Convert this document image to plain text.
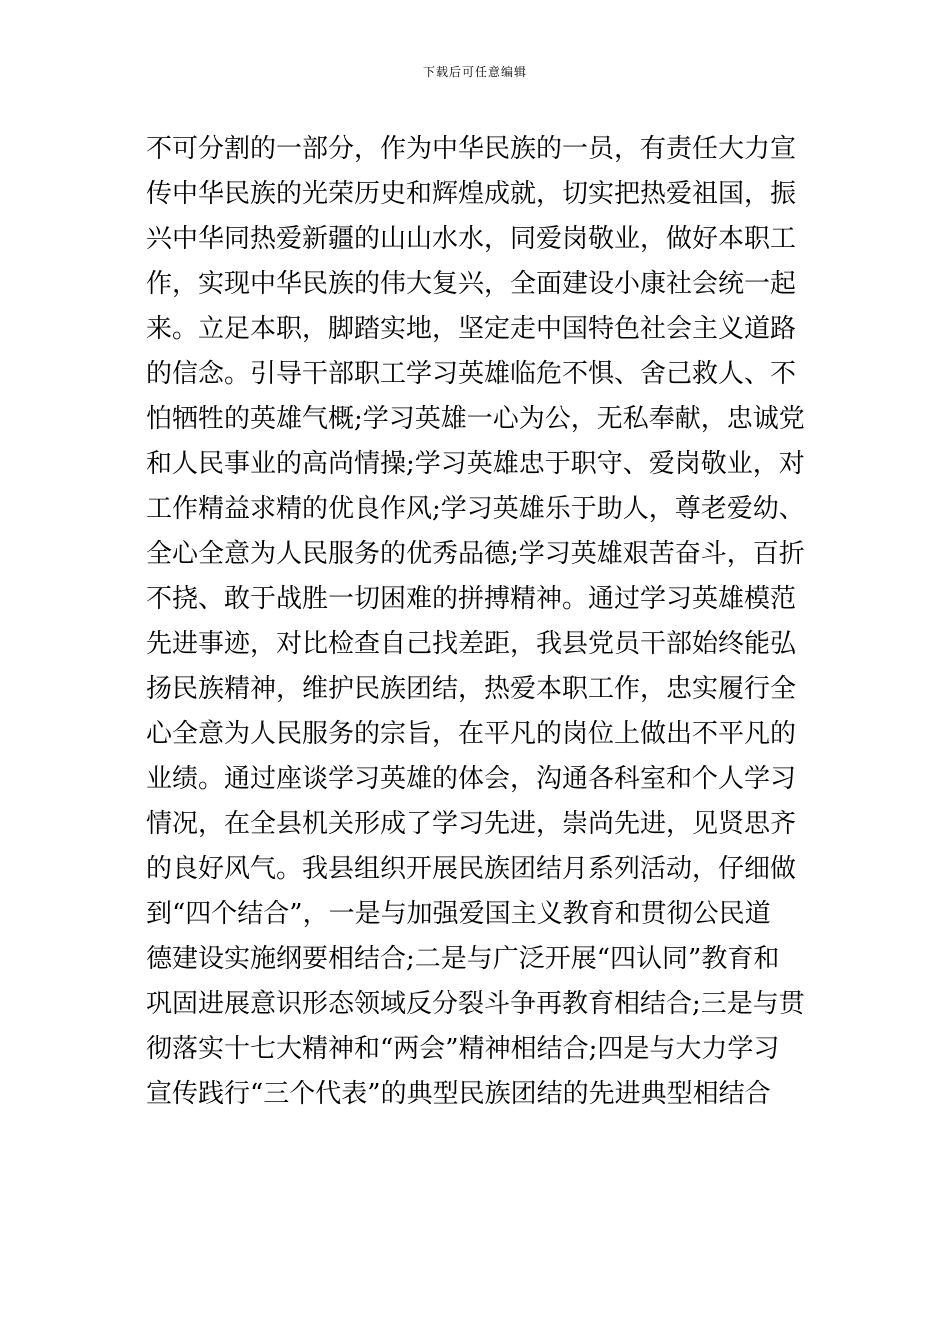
下载后可任意编辑
不可分割的一部分，作为中华民族的一员，有责任大力宣
传中华民族的光荣历史和辉煌成就，切实把热爱祖国，振
兴中华同热爱新疆的山山水水，同爱岗敬业，做好本职工
作，实现中华民族的伟大复兴，全面建设小康社会统一起
来。立足本职，脚踏实地，坚定走中国特色社会主义道路
的信念。引导干部职工学习英雄临危不惧、舍己救人、不
怕牺牲的英雄气概;学习英雄一心为公，无私奉献，忠诚党
和人民事业的高尚情操;学习英雄忠于职守、爱岗敬业，对
工作精益求精的优良作风;学习英雄乐于助人，尊老爱幼、
全心全意为人民服务的优秀品德;学习英雄艰苦奋斗，百折
不挠、敢于战胜一切困难的拼搏精神。通过学习英雄模范
先进事迹，对比检查自己找差距，我县党员干部始终能弘
扬民族精神，维护民族团结，热爱本职工作，忠实履行全
心全意为人民服务的宗旨，在平凡的岗位上做出不平凡的
业绩。通过座谈学习英雄的体会，沟通各科室和个人学习
情况，在全县机关形成了学习先进，崇尚先进，见贤思齐
的良好风气。我县组织开展民族团结月系列活动，仔细做
到“四个结合”，一是与加强爱国主义教育和贯彻公民道
德建设实施纲要相结合;二是与广泛开展“四认同”教育和
巩固进展意识形态领域反分裂斗争再教育相结合;三是与贯
彻落实十七大精神和“两会”精神相结合;四是与大力学习
宣传践行“三个代表”的典型民族团结的先进典型相结合
